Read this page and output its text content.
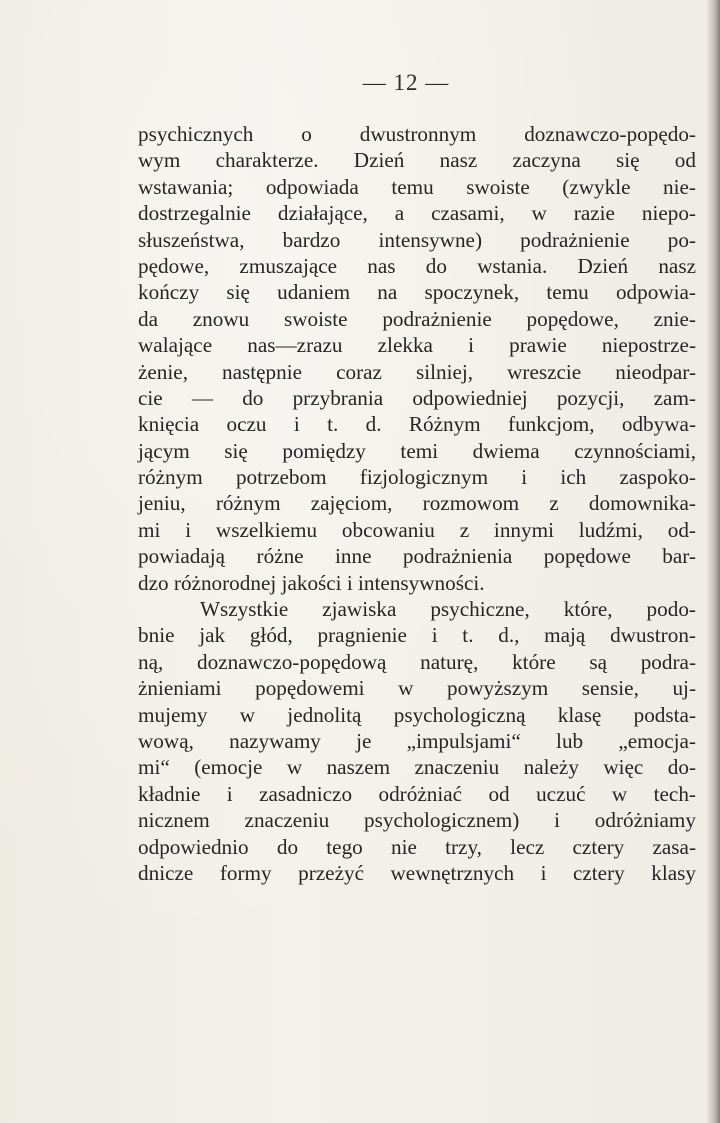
— 12 —
psychicznych o dwustronnym doznawczo-popędo-
wym charakterze. Dzień nasz zaczyna się od
wstawania; odpowiada temu swoiste (zwykle nie-
dostrzegalnie działające, a czasami, w razie niepo-
słuszeństwa, bardzo intensywne) podrażnienie po-
pędowe, zmuszające nas do wstania. Dzień nasz
kończy się udaniem na spoczynek, temu odpowia-
da znowu swoiste podrażnienie popędowe, znie-
walające nas—zrazu zlekka i prawie niepostrze-
żenie, następnie coraz silniej, wreszcie nieodpar-
cie — do przybrania odpowiedniej pozycji, zam-
knięcia oczu i t. d. Różnym funkcjom, odbywa-
jącym się pomiędzy temi dwiema czynnościami,
różnym potrzebom fizjologicznym i ich zaspoko-
jeniu, różnym zajęciom, rozmowom z domownika-
mi i wszelkiemu obcowaniu z innymi ludźmi, od-
powiadają różne inne podrażnienia popędowe bar-
dzo różnorodnej jakości i intensywności.
Wszystkie zjawiska psychiczne, które, podo-
bnie jak głód, pragnienie i t. d., mają dwustron-
ną, doznawczo-popędową naturę, które są podra-
żnieniami popędowemi w powyższym sensie, uj-
mujemy w jednolitą psychologiczną klasę podsta-
wową, nazywamy je „impulsjami“ lub „emocja-
mi“ (emocje w naszem znaczeniu należy więc do-
kładnie i zasadniczo odróżniać od uczuć w tech-
nicznem znaczeniu psychologicznem) i odróżniamy
odpowiednio do tego nie trzy, lecz cztery zasa-
dnicze formy przeżyć wewnętrznych i cztery klasy
